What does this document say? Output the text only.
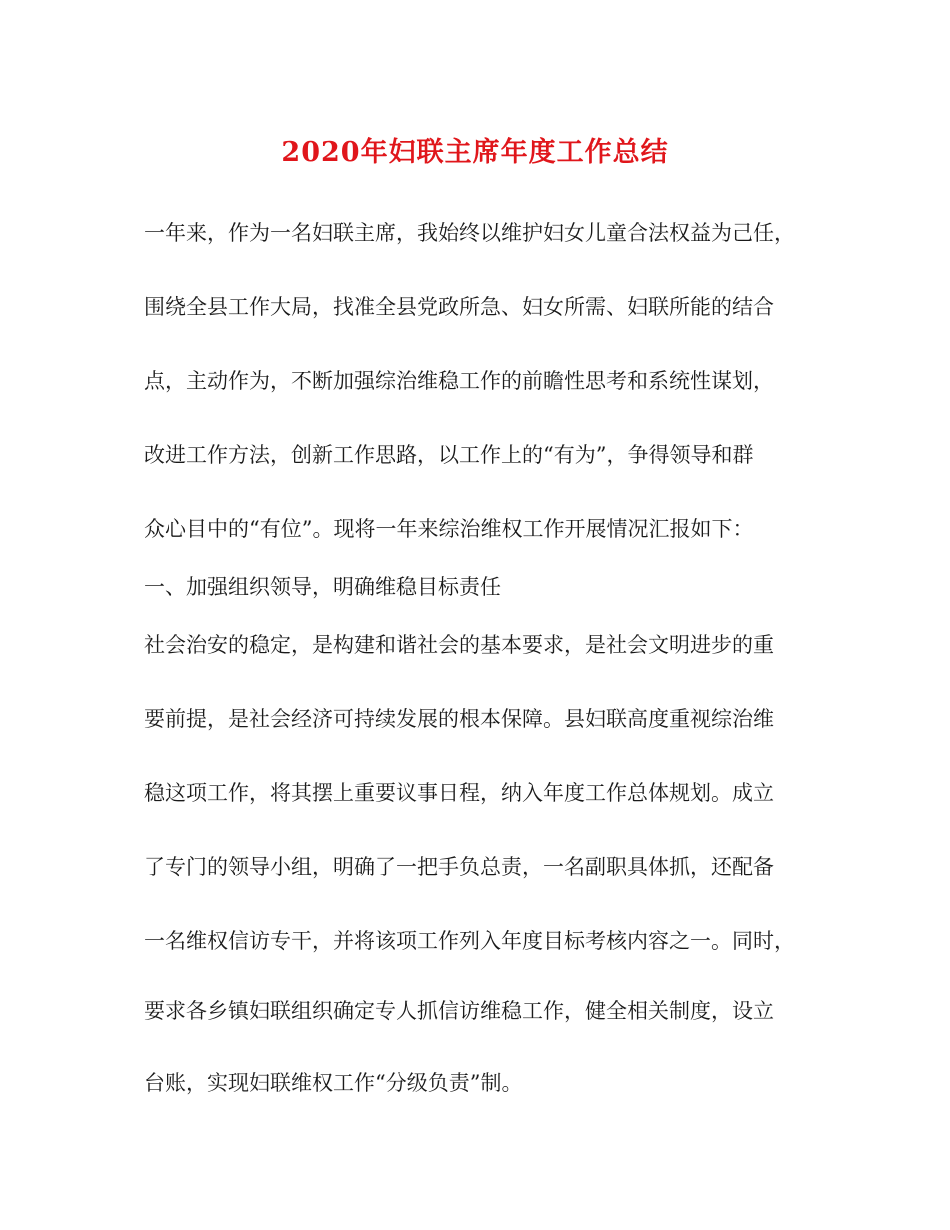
2020年妇联主席年度工作总结
一年来，作为一名妇联主席，我始终以维护妇女儿童合法权益为己任，
围绕全县工作大局，找准全县党政所急、妇女所需、妇联所能的结合
点，主动作为，不断加强综治维稳工作的前瞻性思考和系统性谋划，
改进工作方法，创新工作思路，以工作上的“有为”，争得领导和群
众心目中的“有位”。现将一年来综治维权工作开展情况汇报如下：
一、加强组织领导，明确维稳目标责任
社会治安的稳定，是构建和谐社会的基本要求，是社会文明进步的重
要前提，是社会经济可持续发展的根本保障。县妇联高度重视综治维
稳这项工作，将其摆上重要议事日程，纳入年度工作总体规划。成立
了专门的领导小组，明确了一把手负总责，一名副职具体抓，还配备
一名维权信访专干，并将该项工作列入年度目标考核内容之一。同时，
要求各乡镇妇联组织确定专人抓信访维稳工作，健全相关制度，设立
台账，实现妇联维权工作“分级负责”制。
